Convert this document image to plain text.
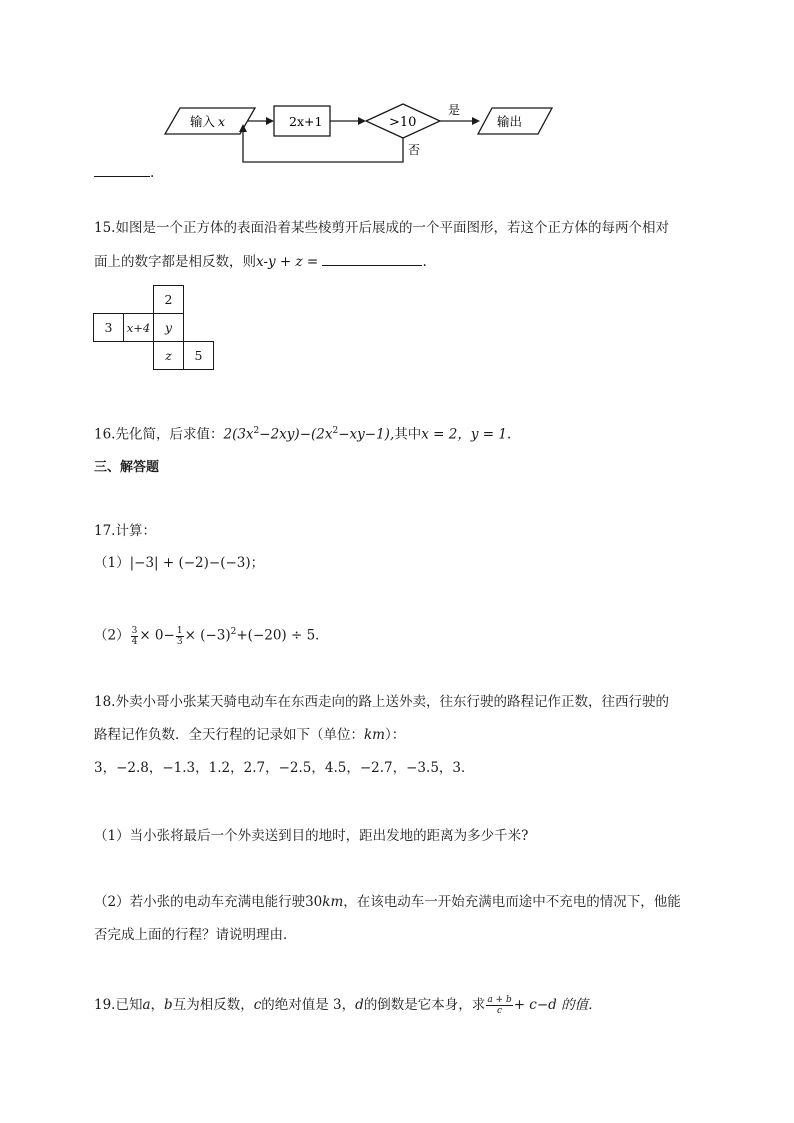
输入 x	2x+1	>10
是
输出
否
.
15.如图是一个正方体的表面沿着某些棱剪开后展成的一个平面图形，若这个正方体的每两个相对
面上的数字都是相反数，则x-y + z =	.
		2	
3	x+4	y	
		z	5
16.先化简，后求值：$2(3x^2-2xy)-(2x^2-xy-1)$,其中x = 2，y = 1.
三、解答题
17.计算：
（1）|−3| + (−2)−(−3)；
$(2) \frac{3}{4} \times 0- \frac{1}{3} \times (-3)^2+(-20) \div 5$．
18.外卖小哥小张某天骑电动车在东西走向的路上送外卖，往东行驶的路程记作正数，往西行驶的
路程记作负数．全天行程的记录如下（单位：km）：
3，−2.8，−1.3，1.2，2.7，−2.5，4.5，−2.7，−3.5，3．
（1）当小张将最后一个外卖送到目的地时，距出发地的距离为多少千米?
（2）若小张的电动车充满电能行驶30km，在该电动车一开始充满电而途中不充电的情况下，他能
否完成上面的行程？请说明理由．
19.已知a，b互为相反数，c的绝对值是 3，d的倒数是它本身，求 $\frac{a + b}{c} + c-d$ 的值．
